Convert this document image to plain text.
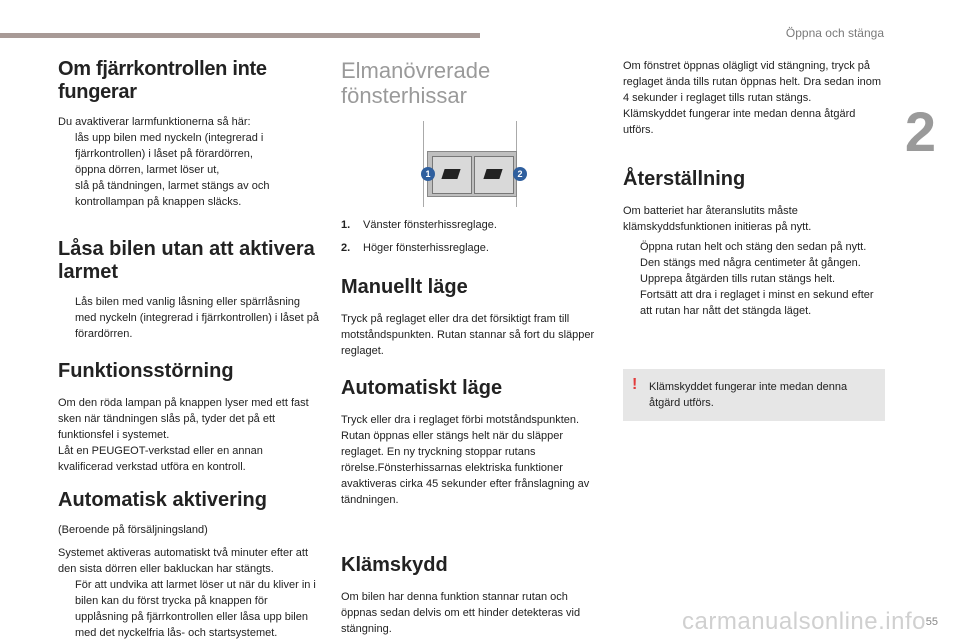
Öppna och stänga
2
55
carmanualsonline.info
Om fjärrkontrollen inte fungerar

Du avaktiverar larmfunktionerna så här:

lås upp bilen med nyckeln (integrerad i fjärrkontrollen) i låset på förardörren,
öppna dörren, larmet löser ut,
slå på tändningen, larmet stängs av och kontrollampan på knappen släcks.
Låsa bilen utan att aktivera larmet
Lås bilen med vanlig låsning eller spärrlåsning med nyckeln (integrerad i fjärrkontrollen) i låset på förardörren.
Funktionsstörning

Om den röda lampan på knappen lyser med ett fast sken när tändningen slås på, tyder det på ett funktionsfel i systemet.

Låt en PEUGEOT-verkstad eller en annan kvalificerad verkstad utföra en kontroll.

Automatisk aktivering

(Beroende på försäljningsland)

Systemet aktiveras automatiskt två minuter efter att den sista dörren eller bakluckan har stängts.

För att undvika att larmet löser ut när du kliver in i bilen kan du först trycka på knappen för upplåsning på fjärrkontrollen eller låsa upp bilen med det nyckelfria lås- och startsystemet.
Elmanövrerade fönsterhissar
1	2
1. Vänster fönsterhissreglage.
2. Höger fönsterhissreglage.
Manuellt läge

Tryck på reglaget eller dra det försiktigt fram till motståndspunkten. Rutan stannar så fort du släpper reglaget.

Automatiskt läge

Tryck eller dra i reglaget förbi motståndspunkten. Rutan öppnas eller stängs helt när du släpper reglaget. En ny tryckning stoppar rutans rörelse.Fönsterhissarnas elektriska funktioner avaktiveras cirka 45 sekunder efter frånslagning av tändningen.

Klämskydd

Om bilen har denna funktion stannar rutan och öppnas sedan delvis om ett hinder detekteras vid stängning.

Om fönstret öppnas olägligt vid stängning, tryck på reglaget ända tills rutan öppnas helt. Dra sedan inom 4 sekunder i reglaget tills rutan stängs.

Klämskyddet fungerar inte medan denna åtgärd utförs.

Återställning

Om batteriet har återanslutits måste klämskyddsfunktionen initieras på nytt.

Öppna rutan helt och stäng den sedan på nytt. Den stängs med några centimeter åt gången.
Upprepa åtgärden tills rutan stängs helt.
Fortsätt att dra i reglaget i minst en sekund efter att rutan har nått det stängda läget.
! Klämskyddet fungerar inte medan denna åtgärd utförs.
